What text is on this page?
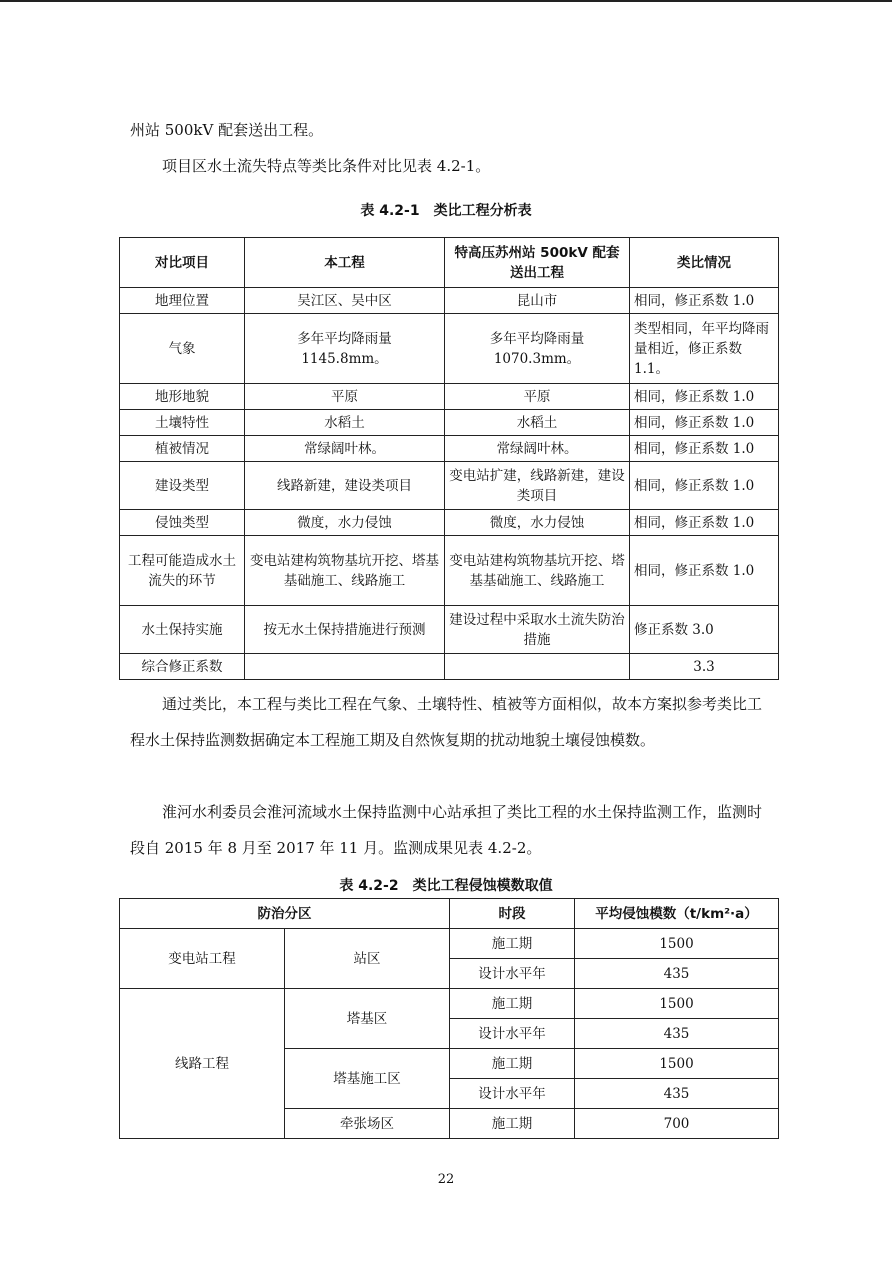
州站 500kV 配套送出工程。
项目区水土流失特点等类比条件对比见表 4.2-1。
表 4.2-1　类比工程分析表
对比项目	本工程	特高压苏州站 500kV 配套送出工程	类比情况
地理位置	吴江区、吴中区	昆山市	相同，修正系数 1.0
气象	多年平均降雨量 1145.8mm。	多年平均降雨量 1070.3mm。	类型相同，年平均降雨量相近，修正系数 1.1。
地形地貌	平原	平原	相同，修正系数 1.0
土壤特性	水稻土	水稻土	相同，修正系数 1.0
植被情况	常绿阔叶林。	常绿阔叶林。	相同，修正系数 1.0
建设类型	线路新建，建设类项目	变电站扩建，线路新建，建设类项目	相同，修正系数 1.0
侵蚀类型	微度，水力侵蚀	微度，水力侵蚀	相同，修正系数 1.0
工程可能造成水土流失的环节	变电站建构筑物基坑开挖、塔基基础施工、线路施工	变电站建构筑物基坑开挖、塔基基础施工、线路施工	相同，修正系数 1.0
水土保持实施	按无水土保持措施进行预测	建设过程中采取水土流失防治措施	修正系数 3.0
综合修正系数			3.3
通过类比，本工程与类比工程在气象、土壤特性、植被等方面相似，故本方案拟参考类比工程水土保持监测数据确定本工程施工期及自然恢复期的扰动地貌土壤侵蚀模数。
淮河水利委员会淮河流域水土保持监测中心站承担了类比工程的水土保持监测工作，监测时段自 2015 年 8 月至 2017 年 11 月。监测成果见表 4.2-2。
表 4.2-2　类比工程侵蚀模数取值
防治分区		时段	平均侵蚀模数（t/km²·a）
变电站工程	站区	施工期	1500
		设计水平年	435
线路工程	塔基区	施工期	1500
		设计水平年	435
	塔基施工区	施工期	1500
		设计水平年	435
	牵张场区	施工期	700
22
